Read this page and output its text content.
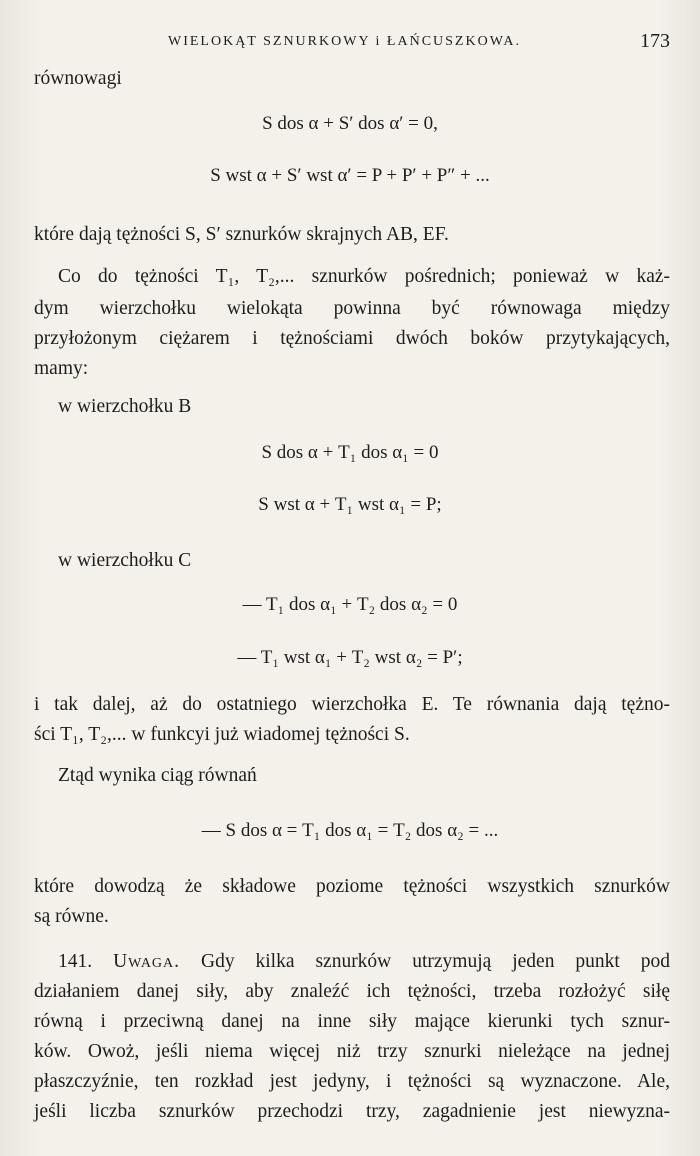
WIELOKĄT SZNURKOWY i ŁAŃCUSZKOWA.	173
równowagi
S dos α + S′ dos α′ = 0,
S wst α + S′ wst α′ = P + P′ + P″ + ...
które dają tężności S, S′ sznurków skrajnych AB, EF.
Co do tężności T₁, T₂,... sznurków pośrednich; ponieważ w każ-
dym wierzchołku wielokąta powinna być równowaga między
przyłożonym ciężarem i tężnościami dwóch boków przytykających,
mamy:
w wierzchołku B
S dos α + T₁ dos α₁ = 0
S wst α + T₁ wst α₁ = P;
w wierzchołku C
— T₁ dos α₁ + T₂ dos α₂ = 0
— T₁ wst α₁ + T₂ wst α₂ = P′;
i tak dalej, aż do ostatniego wierzchołka E. Te równania dają tężno-
ści T₁, T₂,... w funkcyi już wiadomej tężności S.
Ztąd wynika ciąg równań
— S dos α = T₁ dos α₁ = T₂ dos α₂ = ...
które dowodzą że składowe poziome tężności wszystkich sznurków
są równe.
141. Uwaga. Gdy kilka sznurków utrzymują jeden punkt pod
działaniem danej siły, aby znaleźć ich tężności, trzeba rozłożyć siłę
równą i przeciwną danej na inne siły mające kierunki tych sznur-
ków. Owoż, jeśli niema więcej niż trzy sznurki nieleżące na jednej
płaszczyźnie, ten rozkład jest jedyny, i tężności są wyznaczone. Ale,
jeśli liczba sznurków przechodzi trzy, zagadnienie jest niewyzna-
